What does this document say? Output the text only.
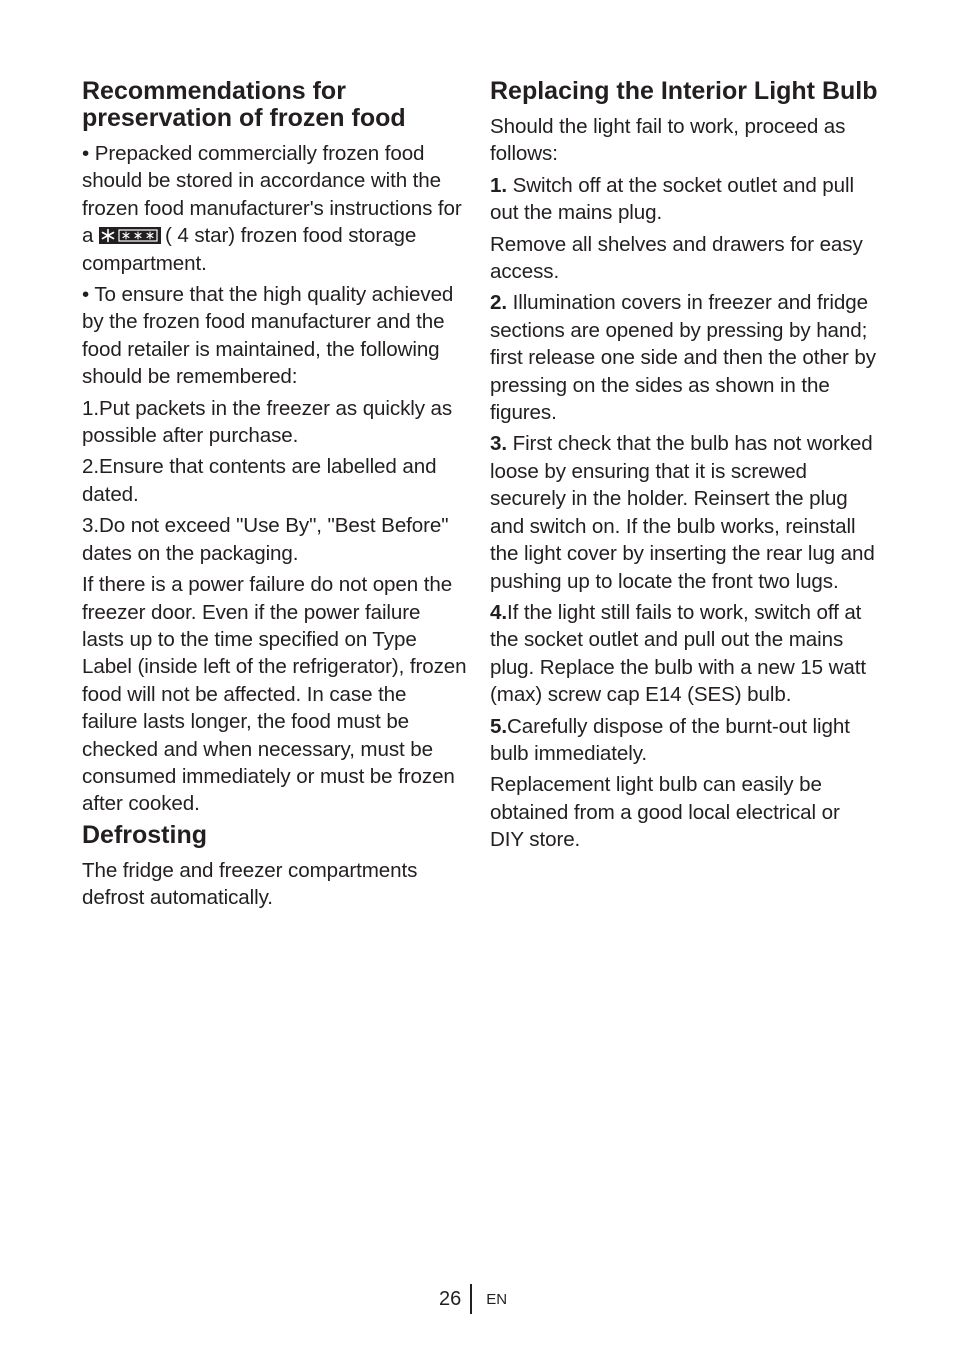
Recommendations for preservation of frozen food

• Prepacked commercially frozen food should be stored in accordance with the frozen food manufacturer's instructions for a	( 4 star) frozen food storage compartment.

• To ensure that the high quality achieved by the frozen food manufacturer and the food retailer is maintained, the following should be remembered:

1.Put packets in the freezer as quickly as possible after purchase.

2.Ensure that contents are labelled and dated.

3.Do not exceed "Use By", "Best Before" dates on the packaging.

If there is a power failure do not open the freezer door. Even if the power failure lasts up to the time specified on Type Label (inside left of the refrigerator), frozen food will not be affected. In case the failure lasts longer, the food must be checked and when necessary, must be consumed immediately or must be frozen after cooked.

Defrosting

The fridge and freezer compartments defrost automatically.

Replacing the Interior Light Bulb

Should the light fail to work, proceed as follows:

1. Switch off at the socket outlet and pull out the mains plug.

Remove all shelves and drawers for easy access.

2. Illumination covers in freezer and fridge sections are opened by pressing by hand; first release one side and then the other by pressing on the sides as shown in the figures.

3. First check that the bulb has not worked loose by ensuring that it is screwed securely in the holder. Reinsert the plug and switch on. If the bulb works, reinstall the light cover by inserting the rear lug and pushing up to locate the front two lugs.

4.If the light still fails to work, switch off at the socket outlet and pull out the mains plug. Replace the bulb with a new 15 watt (max) screw cap E14 (SES) bulb.

5.Carefully dispose of the burnt-out light bulb immediately.

Replacement light bulb can easily be obtained from a good local electrical or DIY store.

26 EN
